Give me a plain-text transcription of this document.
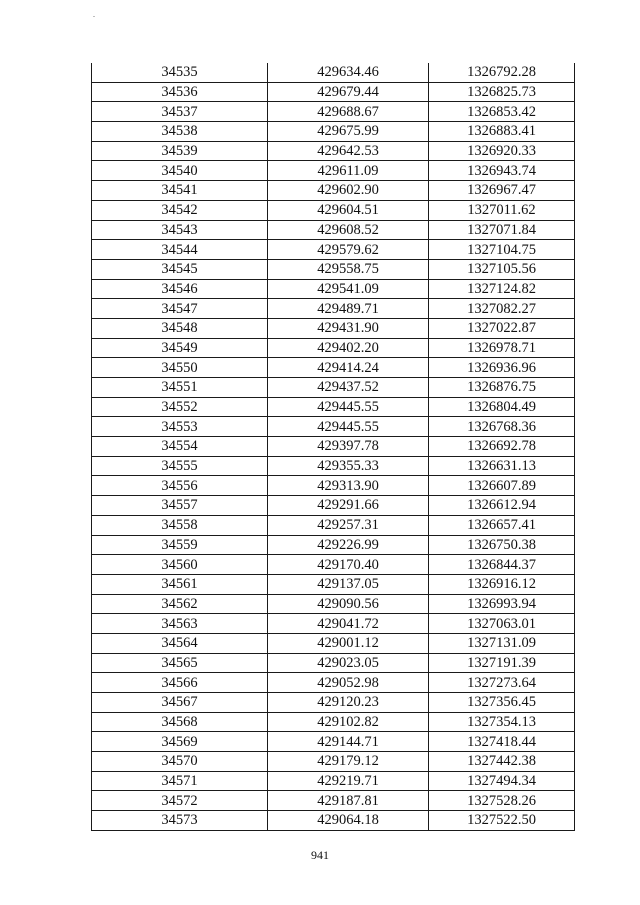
34535	429634.46	1326792.28
34536	429679.44	1326825.73
34537	429688.67	1326853.42
34538	429675.99	1326883.41
34539	429642.53	1326920.33
34540	429611.09	1326943.74
34541	429602.90	1326967.47
34542	429604.51	1327011.62
34543	429608.52	1327071.84
34544	429579.62	1327104.75
34545	429558.75	1327105.56
34546	429541.09	1327124.82
34547	429489.71	1327082.27
34548	429431.90	1327022.87
34549	429402.20	1326978.71
34550	429414.24	1326936.96
34551	429437.52	1326876.75
34552	429445.55	1326804.49
34553	429445.55	1326768.36
34554	429397.78	1326692.78
34555	429355.33	1326631.13
34556	429313.90	1326607.89
34557	429291.66	1326612.94
34558	429257.31	1326657.41
34559	429226.99	1326750.38
34560	429170.40	1326844.37
34561	429137.05	1326916.12
34562	429090.56	1326993.94
34563	429041.72	1327063.01
34564	429001.12	1327131.09
34565	429023.05	1327191.39
34566	429052.98	1327273.64
34567	429120.23	1327356.45
34568	429102.82	1327354.13
34569	429144.71	1327418.44
34570	429179.12	1327442.38
34571	429219.71	1327494.34
34572	429187.81	1327528.26
34573	429064.18	1327522.50
941
